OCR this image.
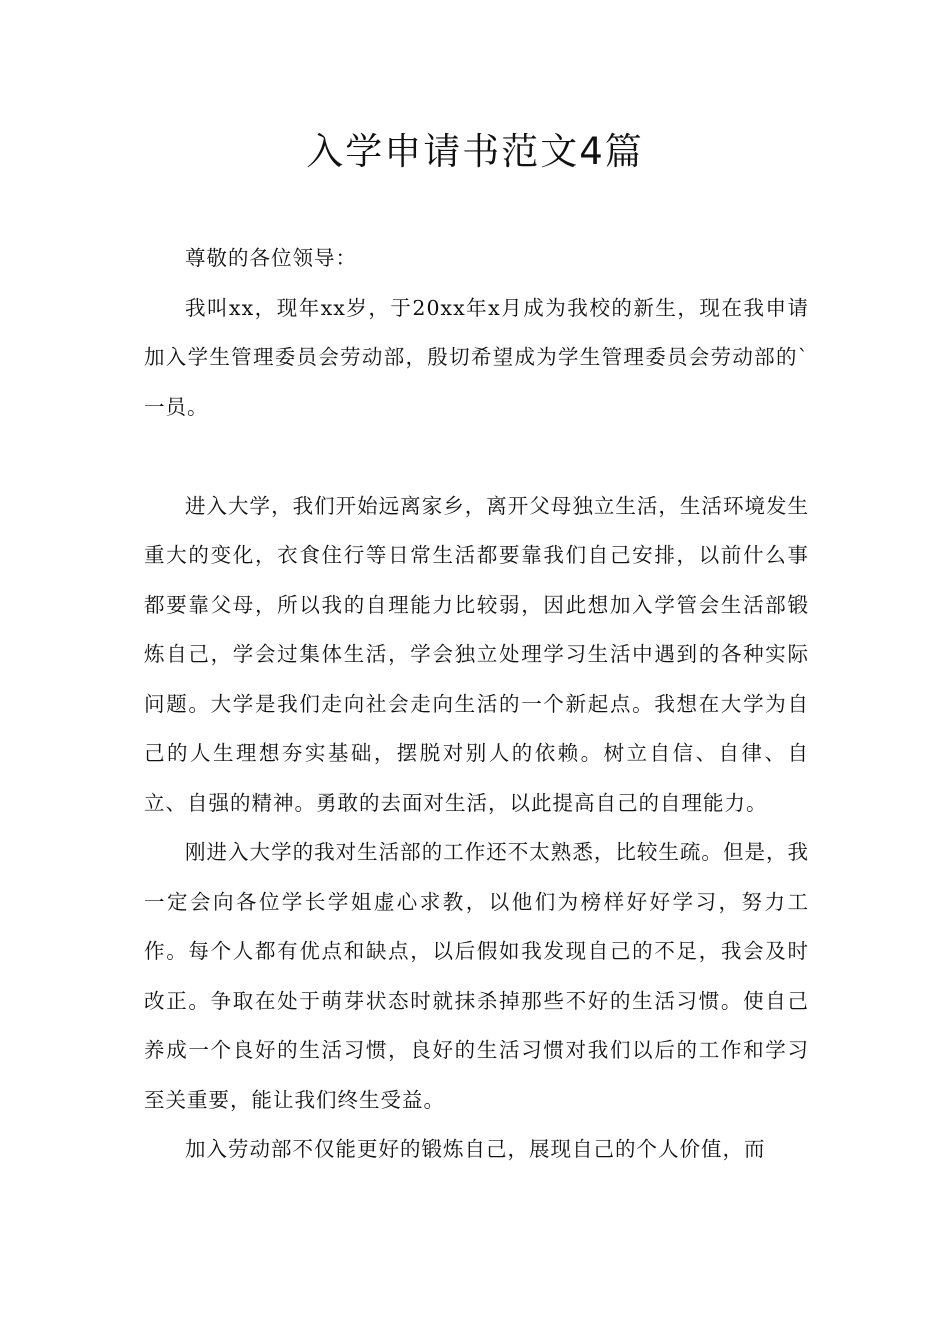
入学申请书范文4篇

尊敬的各位领导：

我叫xx，现年xx岁，于20xx年x月成为我校的新生，现在我申请加入学生管理委员会劳动部，殷切希望成为学生管理委员会劳动部的`一员。

进入大学，我们开始远离家乡，离开父母独立生活，生活环境发生重大的变化，衣食住行等日常生活都要靠我们自己安排，以前什么事都要靠父母，所以我的自理能力比较弱，因此想加入学管会生活部锻炼自己，学会过集体生活，学会独立处理学习生活中遇到的各种实际问题。大学是我们走向社会走向生活的一个新起点。我想在大学为自己的人生理想夯实基础，摆脱对别人的依赖。树立自信、自律、自立、自强的精神。勇敢的去面对生活，以此提高自己的自理能力。

刚进入大学的我对生活部的工作还不太熟悉，比较生疏。但是，我一定会向各位学长学姐虚心求教，以他们为榜样好好学习，努力工作。每个人都有优点和缺点，以后假如我发现自己的不足，我会及时改正。争取在处于萌芽状态时就抹杀掉那些不好的生活习惯。使自己养成一个良好的生活习惯，良好的生活习惯对我们以后的工作和学习至关重要，能让我们终生受益。

加入劳动部不仅能更好的锻炼自己，展现自己的个人价值，而
